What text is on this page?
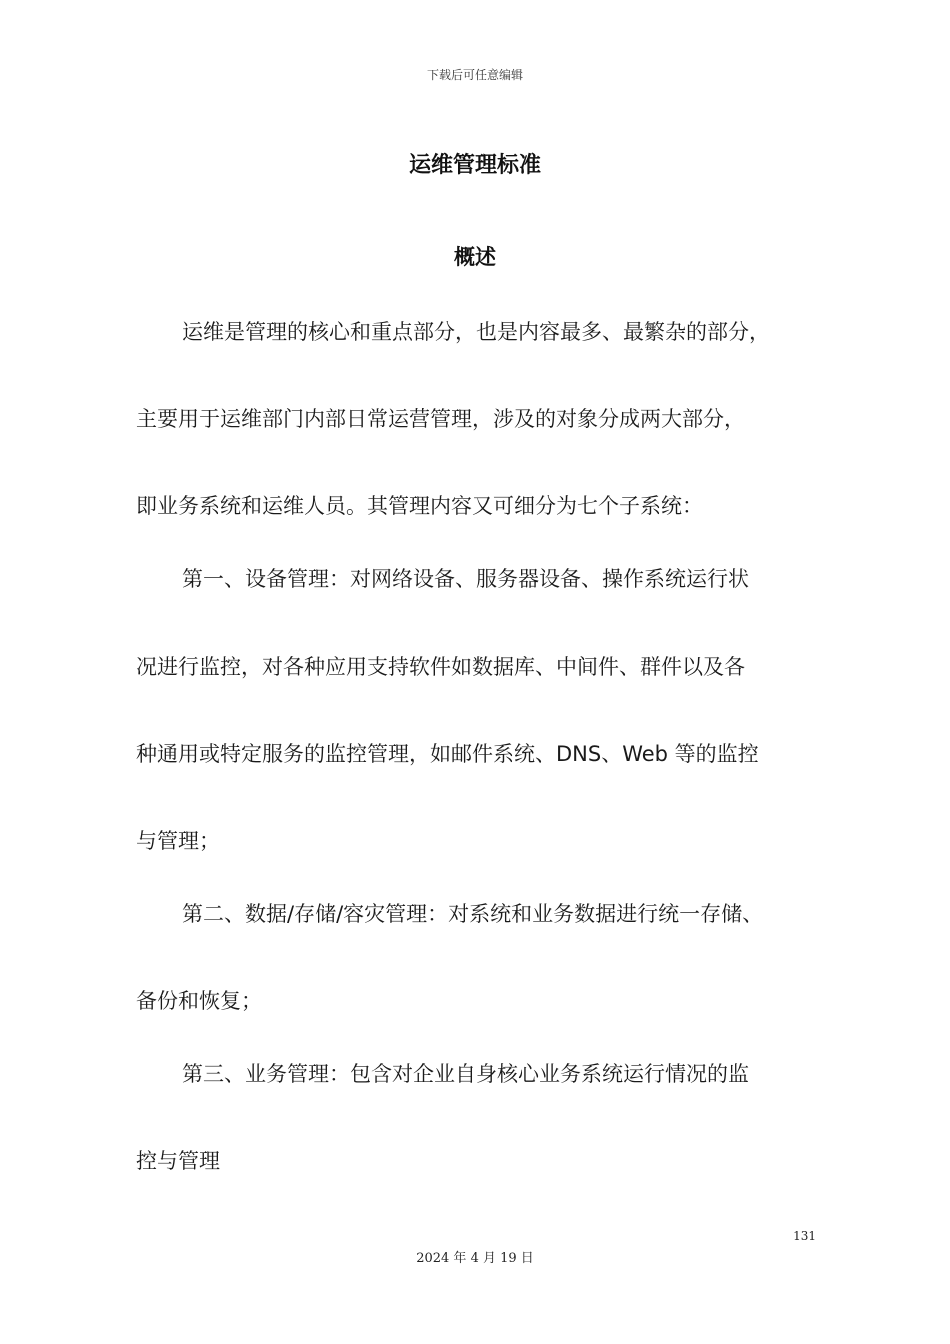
下载后可任意编辑
运维管理标准
概述
运维是管理的核心和重点部分，也是内容最多、最繁杂的部分，
主要用于运维部门内部日常运营管理，涉及的对象分成两大部分，
即业务系统和运维人员。其管理内容又可细分为七个子系统：
第一、设备管理：对网络设备、服务器设备、操作系统运行状
况进行监控，对各种应用支持软件如数据库、中间件、群件以及各
种通用或特定服务的监控管理，如邮件系统、DNS、Web 等的监控
与管理；
第二、数据/存储/容灾管理：对系统和业务数据进行统一存储、
备份和恢复；
第三、业务管理：包含对企业自身核心业务系统运行情况的监
控与管理
131
2024 年 4 月 19 日
